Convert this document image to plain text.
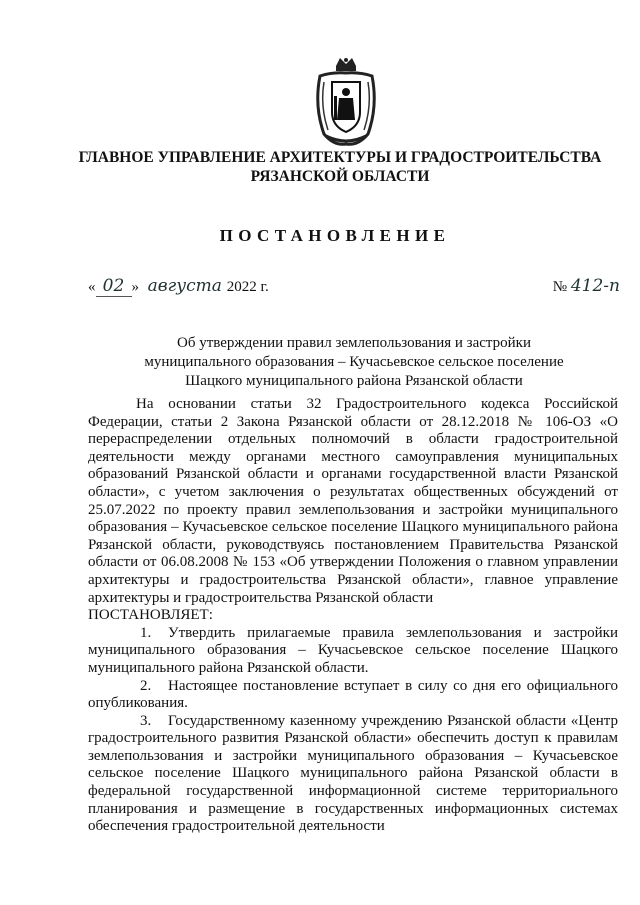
ГЛАВНОЕ УПРАВЛЕНИЕ АРХИТЕКТУРЫ И ГРАДОСТРОИТЕЛЬСТВА
РЯЗАНСКОЙ ОБЛАСТИ
ПОСТАНОВЛЕНИЕ
« 02 » августа 2022 г.	№ 412-п
Об утверждении правил землепользования и застройки
муниципального образования – Кучасьевское сельское поселение
Шацкого муниципального района Рязанской области

На основании статьи 32 Градостроительного кодекса Российской Федерации, статьи 2 Закона Рязанской области от 28.12.2018 № 106-ОЗ «О перераспределении отдельных полномочий в области градостроительной деятельности между органами местного самоуправления муниципальных образований Рязанской области и органами государственной власти Рязанской области», с учетом заключения о результатах общественных обсуждений от 25.07.2022 по проекту правил землепользования и застройки муниципального образования – Кучасьевское сельское поселение Шацкого муниципального района Рязанской области, руководствуясь постановлением Правительства Рязанской области от 06.08.2008 № 153 «Об утверждении Положения о главном управлении архитектуры и градостроительства Рязанской области», главное управление архитектуры и градостроительства Рязанской области

ПОСТАНОВЛЯЕТ:

1. Утвердить прилагаемые правила землепользования и застройки муниципального образования – Кучасьевское сельское поселение Шацкого муниципального района Рязанской области.

2. Настоящее постановление вступает в силу со дня его официального опубликования.

3. Государственному казенному учреждению Рязанской области «Центр градостроительного развития Рязанской области» обеспечить доступ к правилам землепользования и застройки муниципального образования – Кучасьевское сельское поселение Шацкого муниципального района Рязанской области в федеральной государственной информационной системе территориального планирования и размещение в государственных информационных системах обеспечения градостроительной деятельности
